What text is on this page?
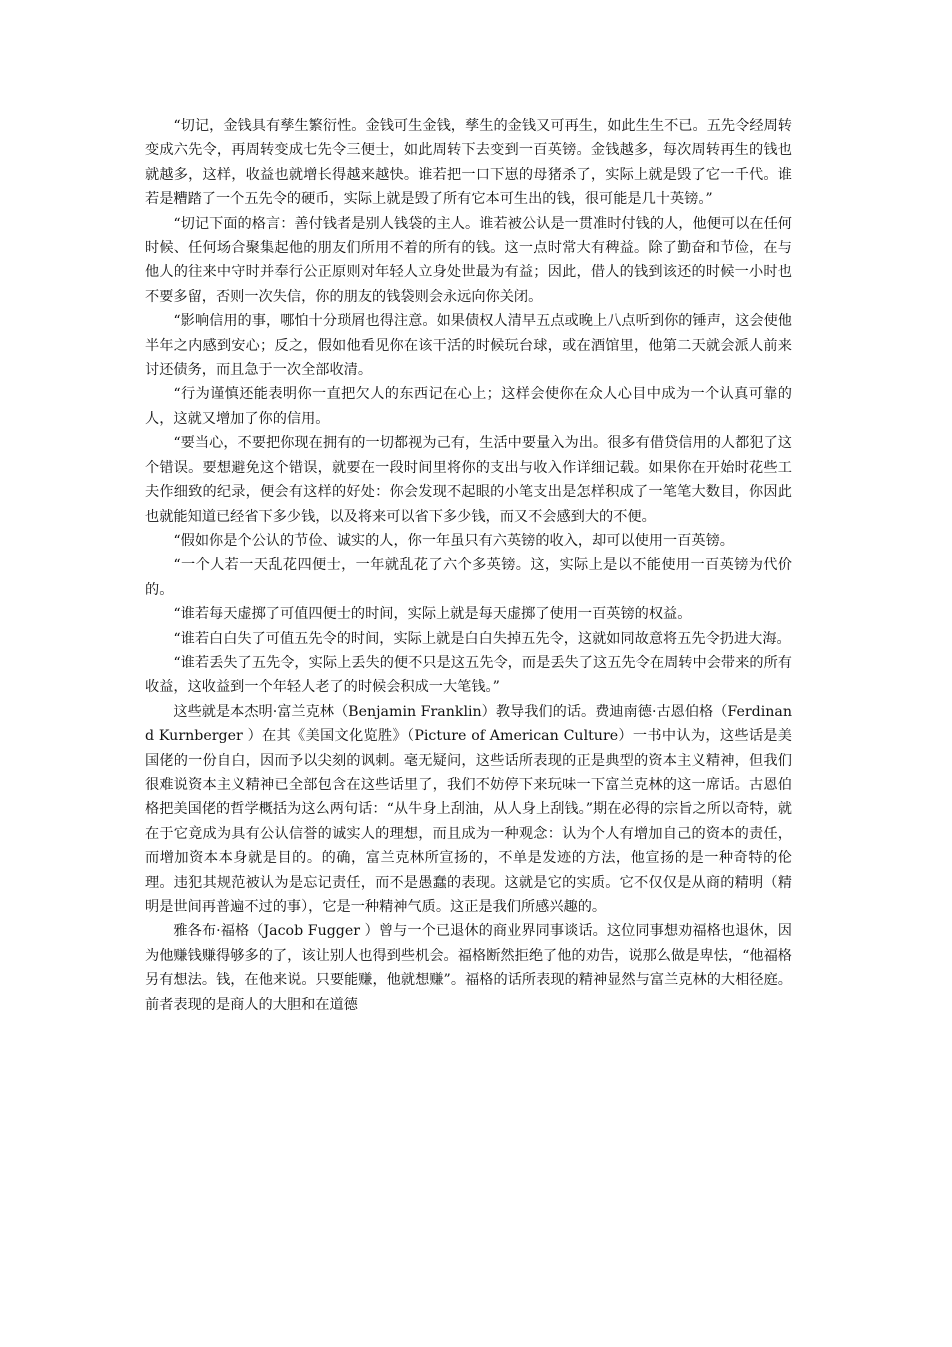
“切记，金钱具有孳生繁衍性。金钱可生金钱，孳生的金钱又可再生，如此生生不已。五先令经周转变成六先令，再周转变成七先令三便士，如此周转下去变到一百英镑。金钱越多，每次周转再生的钱也就越多，这样，收益也就增长得越来越快。谁若把一口下崽的母猪杀了，实际上就是毁了它一千代。谁若是糟踏了一个五先令的硬币，实际上就是毁了所有它本可生出的钱，很可能是几十英镑。”

“切记下面的格言：善付钱者是别人钱袋的主人。谁若被公认是一贯准时付钱的人，他便可以在任何时候、任何场合聚集起他的朋友们所用不着的所有的钱。这一点时常大有稗益。除了勤奋和节俭，在与他人的往来中守时并奉行公正原则对年轻人立身处世最为有益；因此，借人的钱到该还的时候一小时也不要多留，否则一次失信，你的朋友的钱袋则会永远向你关闭。

“影响信用的事，哪怕十分琐屑也得注意。如果债权人清早五点或晚上八点听到你的锤声，这会使他半年之内感到安心；反之，假如他看见你在该干活的时候玩台球，或在酒馆里，他第二天就会派人前来讨还债务，而且急于一次全部收清。

“行为谨慎还能表明你一直把欠人的东西记在心上；这样会使你在众人心目中成为一个认真可靠的人，这就又增加了你的信用。

“要当心，不要把你现在拥有的一切都视为己有，生活中要量入为出。很多有借贷信用的人都犯了这个错误。要想避免这个错误，就要在一段时间里将你的支出与收入作详细记载。如果你在开始时花些工夫作细致的纪录，便会有这样的好处：你会发现不起眼的小笔支出是怎样积成了一笔笔大数目，你因此也就能知道已经省下多少钱，以及将来可以省下多少钱，而又不会感到大的不便。

“假如你是个公认的节俭、诚实的人，你一年虽只有六英镑的收入，却可以使用一百英镑。

“一个人若一天乱花四便士，一年就乱花了六个多英镑。这，实际上是以不能使用一百英镑为代价的。

“谁若每天虚掷了可值四便士的时间，实际上就是每天虚掷了使用一百英镑的权益。

“谁若白白失了可值五先令的时间，实际上就是白白失掉五先令，这就如同故意将五先令扔进大海。

“谁若丢失了五先令，实际上丢失的便不只是这五先令，而是丢失了这五先令在周转中会带来的所有收益，这收益到一个年轻人老了的时候会积成一大笔钱。”

这些就是本杰明·富兰克林（Benjamin Franklin）教导我们的话。费迪南德·古恩伯格（Ferdinand Kurnberger ）在其《美国文化览胜》（Picture of American Culture）一书中认为，这些话是美国佬的一份自白，因而予以尖刻的讽刺。毫无疑问，这些话所表现的正是典型的资本主义精神，但我们很难说资本主义精神已全部包含在这些话里了，我们不妨停下来玩味一下富兰克林的这一席话。古恩伯格把美国佬的哲学概括为这么两句话：“从牛身上刮油，从人身上刮钱。”期在必得的宗旨之所以奇特，就在于它竟成为具有公认信誉的诚实人的理想，而且成为一种观念：认为个人有增加自己的资本的责任，而增加资本本身就是目的。的确，富兰克林所宣扬的，不单是发迹的方法，他宣扬的是一种奇特的伦理。违犯其规范被认为是忘记责任，而不是愚蠢的表现。这就是它的实质。它不仅仅是从商的精明（精明是世间再普遍不过的事），它是一种精神气质。这正是我们所感兴趣的。

雅各布·福格（Jacob Fugger ）曾与一个已退休的商业界同事谈话。这位同事想劝福格也退休，因为他赚钱赚得够多的了，该让别人也得到些机会。福格断然拒绝了他的劝告，说那么做是卑怯，“他福格另有想法。钱，在他来说。只要能赚，他就想赚”。福格的话所表现的精神显然与富兰克林的大相径庭。前者表现的是商人的大胆和在道德
